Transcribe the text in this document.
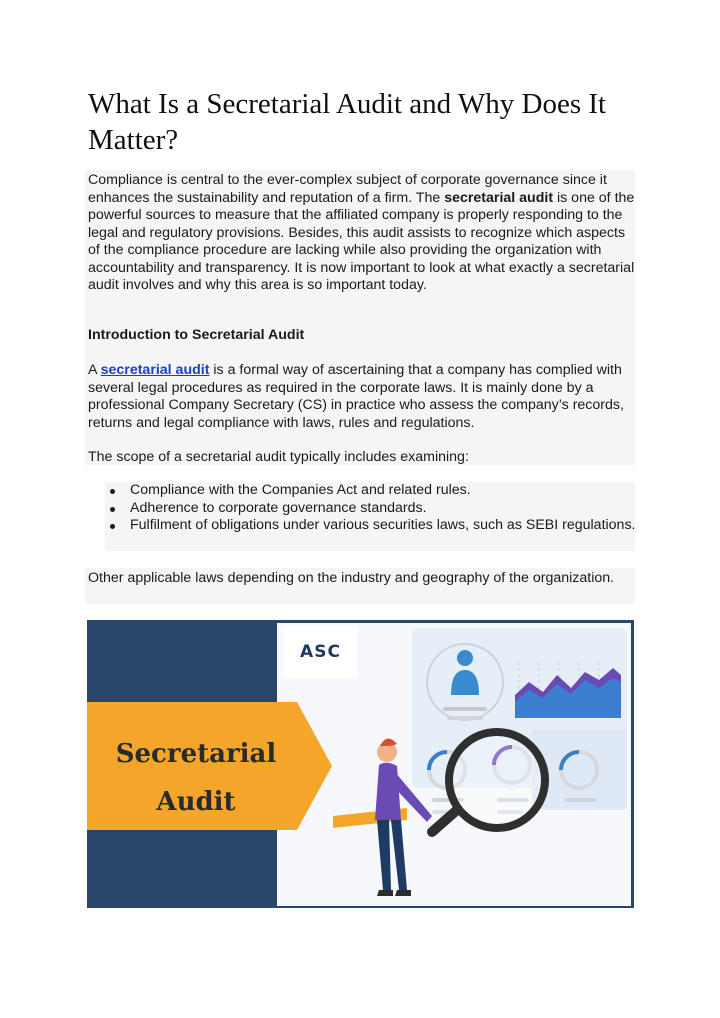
What Is a Secretarial Audit and Why Does It Matter?

Compliance is central to the ever-complex subject of corporate governance since it enhances the sustainability and reputation of a firm. The secretarial audit is one of the powerful sources to measure that the affiliated company is properly responding to the legal and regulatory provisions. Besides, this audit assists to recognize which aspects of the compliance procedure are lacking while also providing the organization with accountability and transparency. It is now important to look at what exactly a secretarial audit involves and why this area is so important today.

Introduction to Secretarial Audit

A secretarial audit is a formal way of ascertaining that a company has complied with several legal procedures as required in the corporate laws. It is mainly done by a professional Company Secretary (CS) in practice who assess the company’s records, returns and legal compliance with laws, rules and regulations.

The scope of a secretarial audit typically includes examining:

Compliance with the Companies Act and related rules.
Adherence to corporate governance standards.
Fulfilment of obligations under various securities laws, such as SEBI regulations.

Other applicable laws depending on the industry and geography of the organization.

ASC
Secretarial
Audit
